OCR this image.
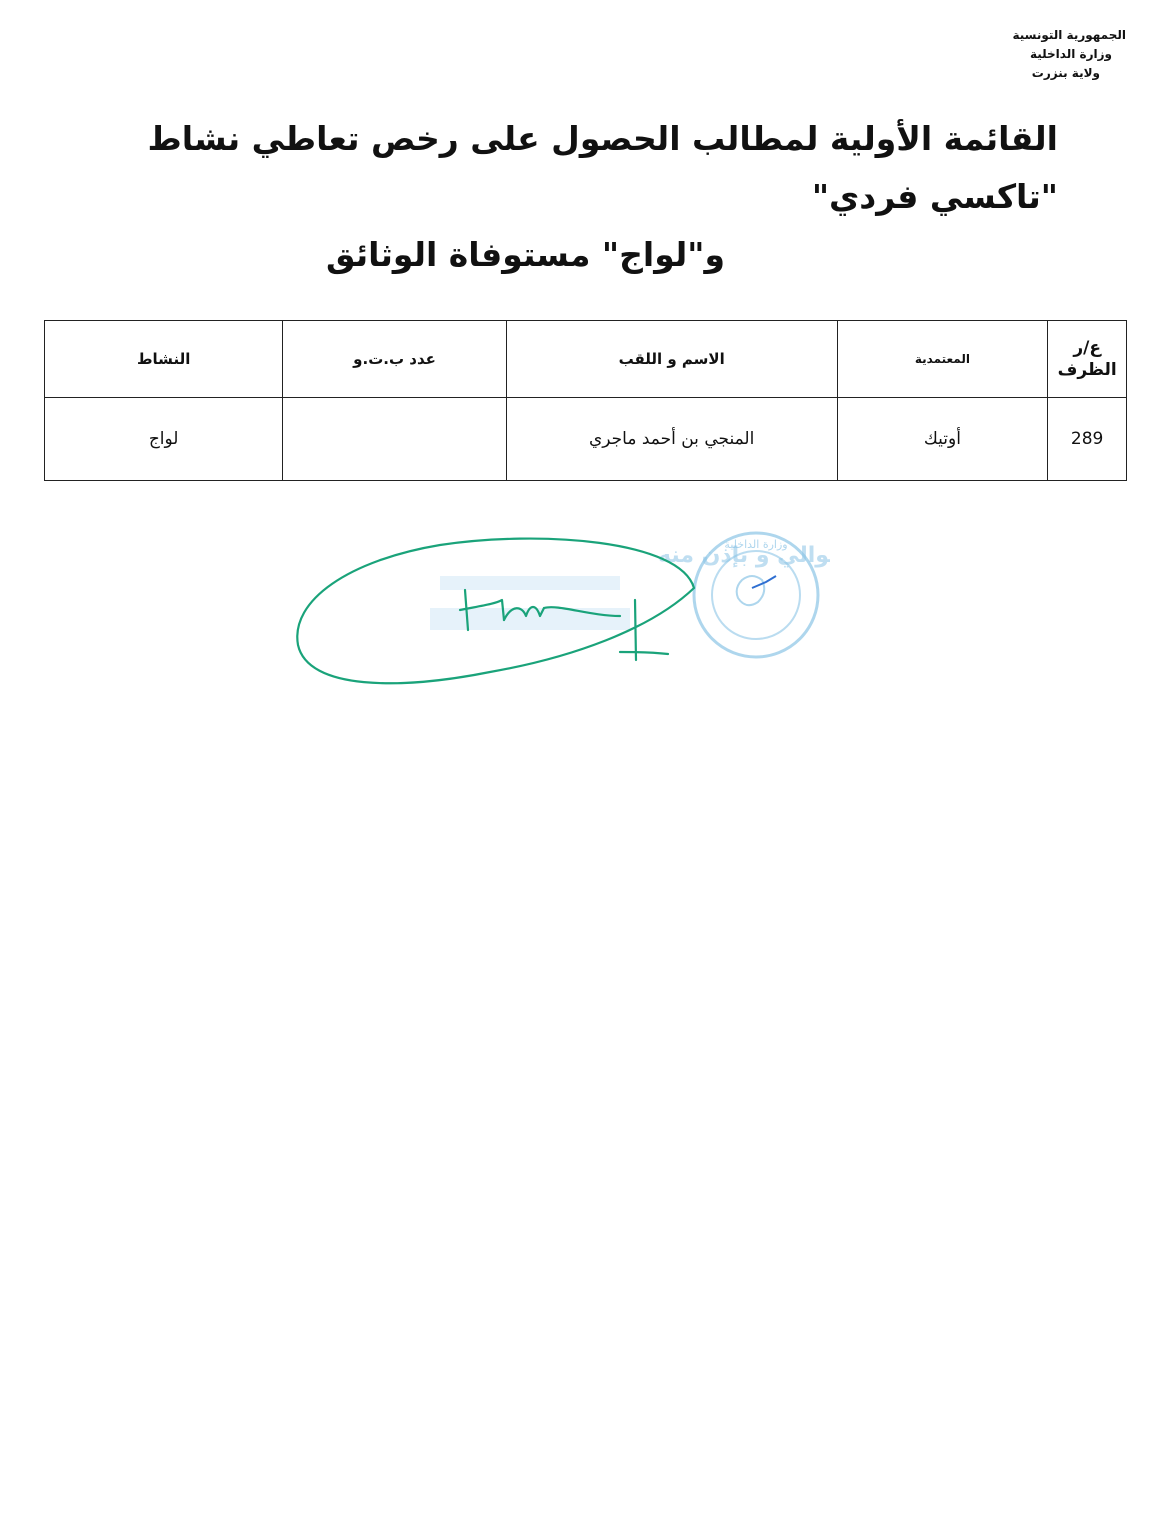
الجمهورية التونسية
وزارة الداخلية
ولاية بنزرت
القائمة الأولية لمطالب الحصول على رخص تعاطي نشاط "تاكسي فردي"
و"لواج" مستوفاة الوثائق
ع/ر الظرف	المعتمدية	الاسم و اللقب	عدد ب.ت.و	النشاط
289	أوتيك	المنجي بن أحمد ماجري		لواج
والي و بإذن منه	وزارة الداخلية
